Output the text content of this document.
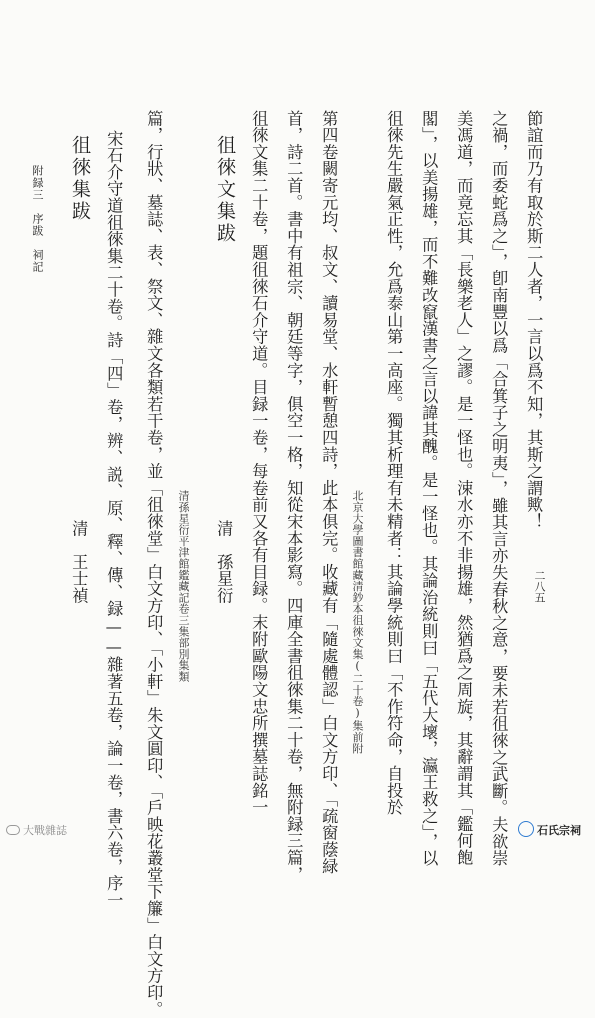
二八五
附録三　序跋　祠記 徂徠集跋
清　王士禎 宋石介守道徂徠集二十卷。詩「四」卷，辨、説、原、釋、傳、録——雜著五卷，論一卷，書六卷，序一 篇，行狀、墓誌、表、祭文、雜文各類若干卷，並「徂徠堂」白文方印、「小軒」朱文圓印、「戶映花叢堂下簾」白文方印。 清孫星衍平津館鑑藏記卷三集部別集類
徂徠文集跋
清　孫星衍 徂徠文集二十卷，題徂徠石介守道。目録一卷，每卷前又各有目録。末附歐陽文忠所撰墓誌銘一 首，詩二首。書中有祖宗、朝廷等字，俱空一格，知從宋本影寫。四庫全書徂徠集二十卷，無附録三篇， 第四卷闕寄元均、叔文、讀易堂、水軒暫憩四詩，此本俱完。收藏有「隨處體認」白文方印、「疏窗蔭緑 北京大學圖書館藏清鈔本徂徠文集(二十卷)集前附 徂徠先生嚴氣正性，允爲泰山第一高座。獨其析理有未精者：其論學統則曰「不作符命，自投於 閣」，以美揚雄，而不難改竄漢書之言以諱其醜。是一怪也。其論治統則曰「五代大壞，瀛王救之」，以 美馮道，而竟忘其「長樂老人」之謬。是一怪也。涑水亦不非揚雄，然猶爲之周旋，其辭謂其「鑑何飽 之禍，而委蛇爲之」，卽南豐以爲「合箕子之明夷」，雖其言亦失春秋之意，要未若徂徠之武斷。夫欲崇 節誼而乃有取於斯二人者，一言以爲不知，其斯之謂歟！
大戰雜誌	石氏宗祠
